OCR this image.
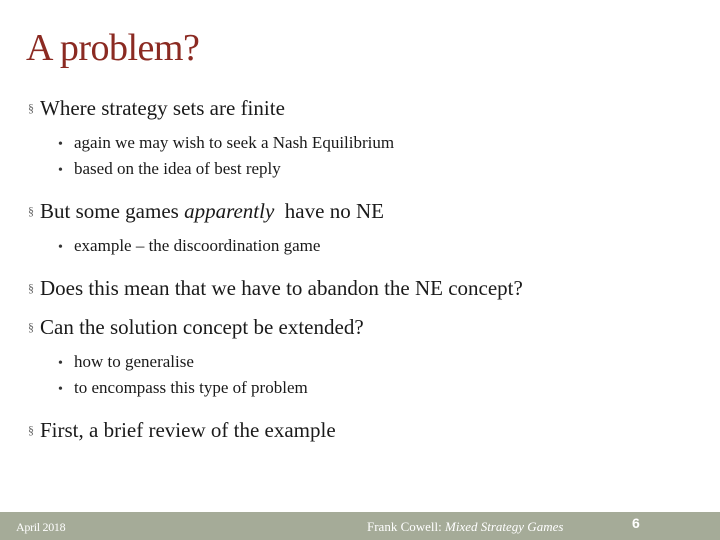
A problem?
§ Where strategy sets are finite
• again we may wish to seek a Nash Equilibrium
• based on the idea of best reply
§ But some games apparently  have no NE
• example – the discoordination game
§ Does this mean that we have to abandon the NE concept?
§ Can the solution concept be extended?
• how to generalise
• to encompass this type of problem
§ First, a brief review of the example
April 2018	Frank Cowell: Mixed Strategy Games	6
